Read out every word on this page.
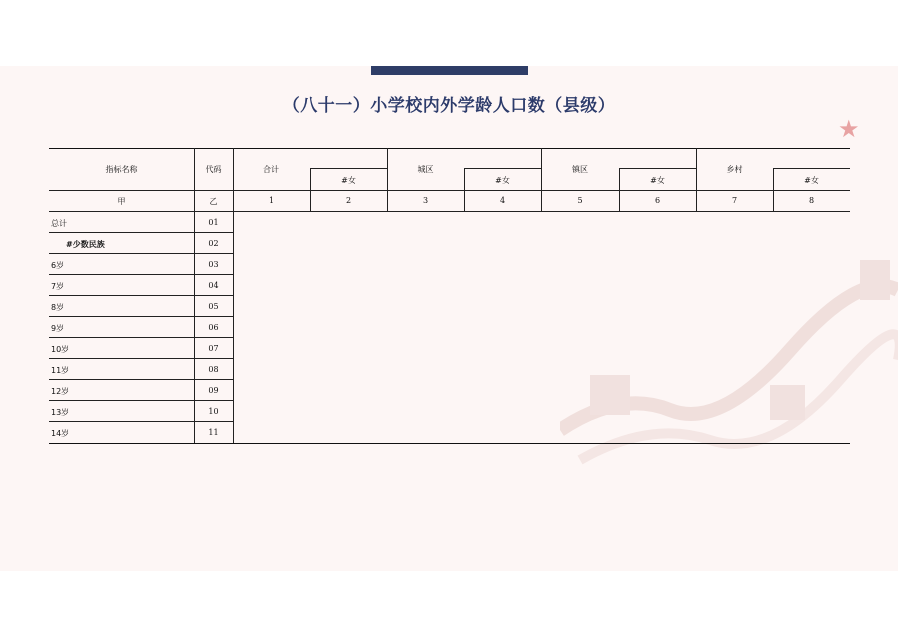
（八十一）小学校内外学龄人口数（县级）
★
指标名称	代码	合计	城区	镇区	乡村
#女	#女	#女	#女
甲	乙	1	2	3	4	5	6	7	8
总计	01
#少数民族	02
6岁	03
7岁	04
8岁	05
9岁	06
10岁	07
11岁	08
12岁	09
13岁	10
14岁	11
